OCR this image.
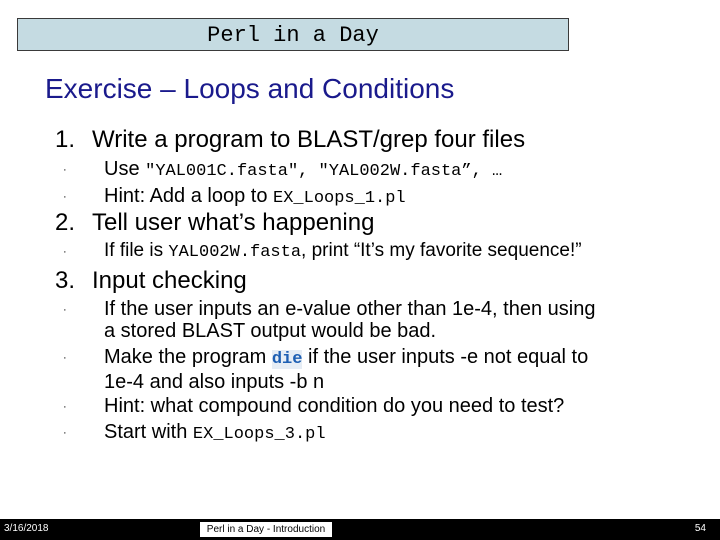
Perl in a Day
Exercise – Loops and Conditions
1. Write a program to BLAST/grep four files
· Use "YAL001C.fasta", "YAL002W.fasta”, …
· Hint: Add a loop to EX_Loops_1.pl
2. Tell user what’s happening
· If file is YAL002W.fasta, print “It’s my favorite sequence!”
3. Input checking
· If the user inputs an e-value other than 1e-4, then using
a stored BLAST output would be bad.
· Make the program die if the user inputs -e not equal to
1e-4 and also inputs -b n
· Hint: what compound condition do you need to test?
· Start with EX_Loops_3.pl
3/16/2018	Perl in a Day - Introduction	54
